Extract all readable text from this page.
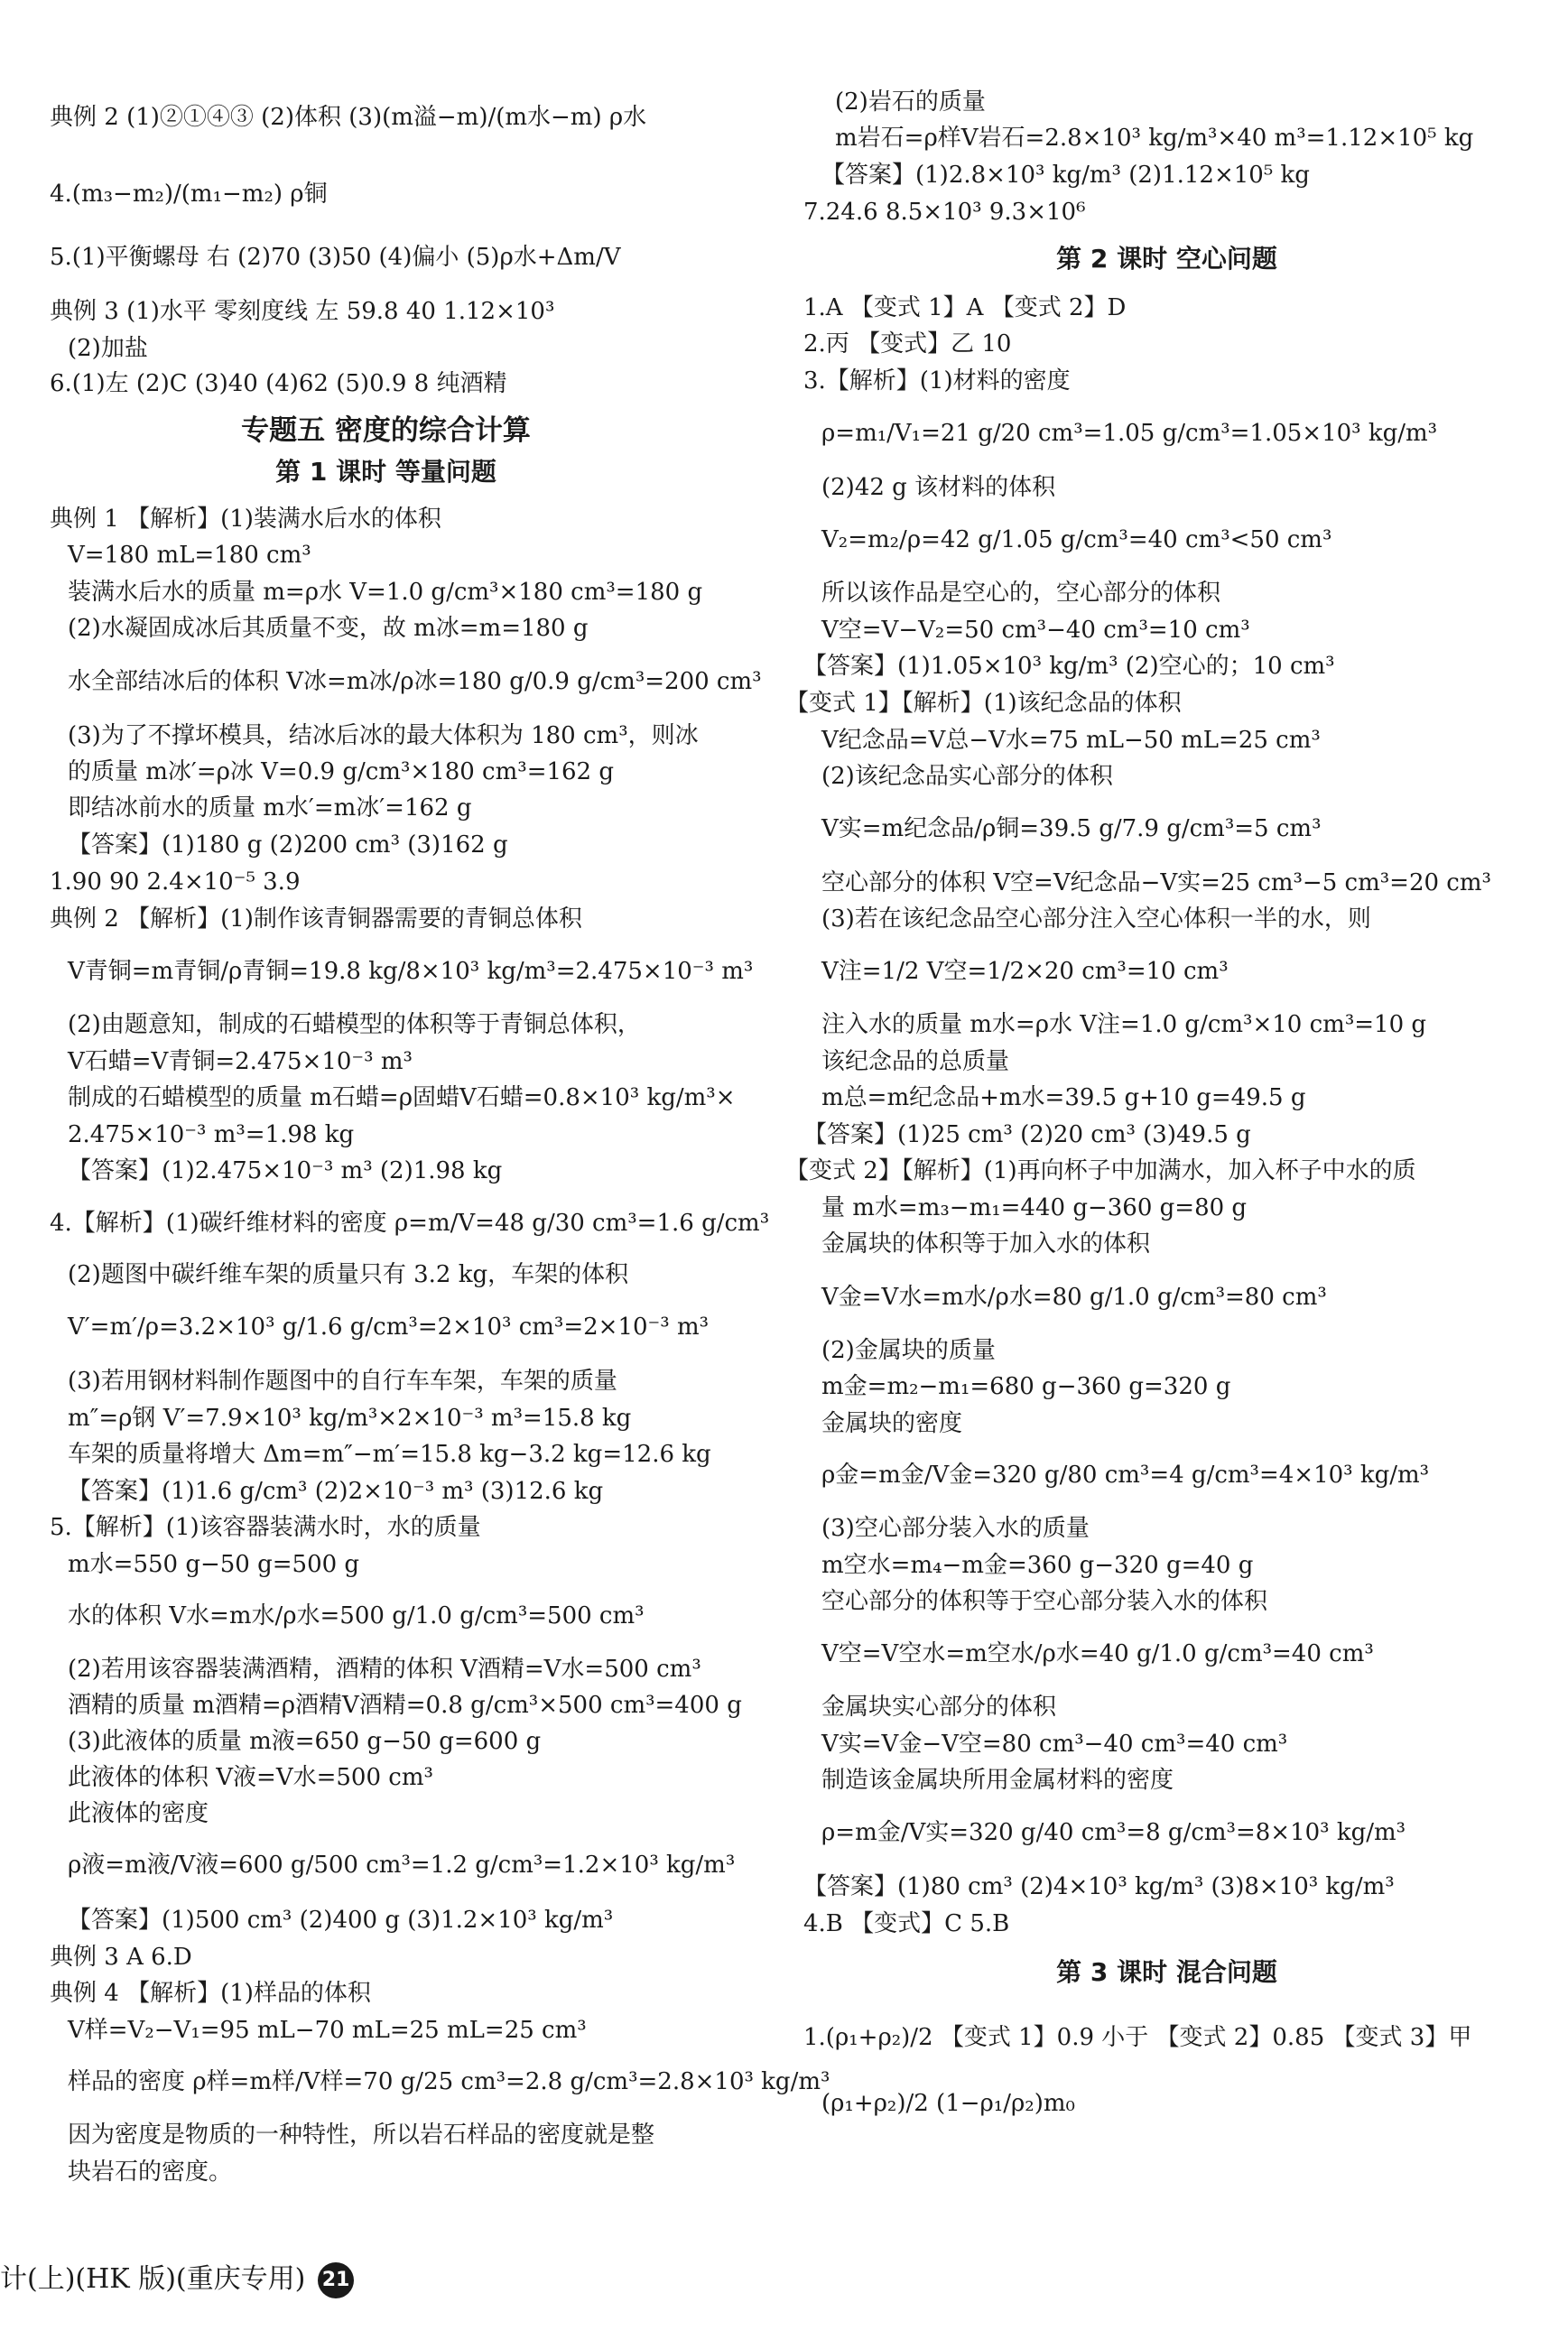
典例 2 (1)②①④③ (2)体积 (3)(m溢−m)/(m水−m) ρ水
4.(m₃−m₂)/(m₁−m₂) ρ铜
5.(1)平衡螺母 右 (2)70 (3)50 (4)偏小 (5)ρ水+Δm/V
典例 3 (1)水平 零刻度线 左 59.8 40 1.12×10³
(2)加盐
6.(1)左 (2)C (3)40 (4)62 (5)0.9 8 纯酒精
专题五 密度的综合计算
第 1 课时 等量问题
典例 1 【解析】(1)装满水后水的体积
V=180 mL=180 cm³
装满水后水的质量 m=ρ水 V=1.0 g/cm³×180 cm³=180 g
(2)水凝固成冰后其质量不变，故 m冰=m=180 g
水全部结冰后的体积 V冰=m冰/ρ冰=180 g/0.9 g/cm³=200 cm³
(3)为了不撑坏模具，结冰后冰的最大体积为 180 cm³，则冰
的质量 m冰′=ρ冰 V=0.9 g/cm³×180 cm³=162 g
即结冰前水的质量 m水′=m冰′=162 g
【答案】(1)180 g (2)200 cm³ (3)162 g
1.90 90 2.4×10⁻⁵ 3.9
典例 2 【解析】(1)制作该青铜器需要的青铜总体积
V青铜=m青铜/ρ青铜=19.8 kg/8×10³ kg/m³=2.475×10⁻³ m³
(2)由题意知，制成的石蜡模型的体积等于青铜总体积，
V石蜡=V青铜=2.475×10⁻³ m³
制成的石蜡模型的质量 m石蜡=ρ固蜡V石蜡=0.8×10³ kg/m³×
2.475×10⁻³ m³=1.98 kg
【答案】(1)2.475×10⁻³ m³ (2)1.98 kg
4.【解析】(1)碳纤维材料的密度 ρ=m/V=48 g/30 cm³=1.6 g/cm³
(2)题图中碳纤维车架的质量只有 3.2 kg，车架的体积
V′=m′/ρ=3.2×10³ g/1.6 g/cm³=2×10³ cm³=2×10⁻³ m³
(3)若用钢材料制作题图中的自行车车架，车架的质量
m″=ρ钢 V′=7.9×10³ kg/m³×2×10⁻³ m³=15.8 kg
车架的质量将增大 Δm=m″−m′=15.8 kg−3.2 kg=12.6 kg
【答案】(1)1.6 g/cm³ (2)2×10⁻³ m³ (3)12.6 kg
5.【解析】(1)该容器装满水时，水的质量
m水=550 g−50 g=500 g
水的体积 V水=m水/ρ水=500 g/1.0 g/cm³=500 cm³
(2)若用该容器装满酒精，酒精的体积 V酒精=V水=500 cm³
酒精的质量 m酒精=ρ酒精V酒精=0.8 g/cm³×500 cm³=400 g
(3)此液体的质量 m液=650 g−50 g=600 g
此液体的体积 V液=V水=500 cm³
此液体的密度
ρ液=m液/V液=600 g/500 cm³=1.2 g/cm³=1.2×10³ kg/m³
【答案】(1)500 cm³ (2)400 g (3)1.2×10³ kg/m³
典例 3 A 6.D
典例 4 【解析】(1)样品的体积
V样=V₂−V₁=95 mL−70 mL=25 mL=25 cm³
样品的密度 ρ样=m样/V样=70 g/25 cm³=2.8 g/cm³=2.8×10³ kg/m³
因为密度是物质的一种特性，所以岩石样品的密度就是整
块岩石的密度。
(2)岩石的质量
m岩石=ρ样V岩石=2.8×10³ kg/m³×40 m³=1.12×10⁵ kg
【答案】(1)2.8×10³ kg/m³ (2)1.12×10⁵ kg
7.24.6 8.5×10³ 9.3×10⁶
第 2 课时 空心问题
1.A 【变式 1】A 【变式 2】D
2.丙 【变式】乙 10
3.【解析】(1)材料的密度
ρ=m₁/V₁=21 g/20 cm³=1.05 g/cm³=1.05×10³ kg/m³
(2)42 g 该材料的体积
V₂=m₂/ρ=42 g/1.05 g/cm³=40 cm³<50 cm³
所以该作品是空心的，空心部分的体积
V空=V−V₂=50 cm³−40 cm³=10 cm³
【答案】(1)1.05×10³ kg/m³ (2)空心的；10 cm³
【变式 1】【解析】(1)该纪念品的体积
V纪念品=V总−V水=75 mL−50 mL=25 cm³
(2)该纪念品实心部分的体积
V实=m纪念品/ρ铜=39.5 g/7.9 g/cm³=5 cm³
空心部分的体积 V空=V纪念品−V实=25 cm³−5 cm³=20 cm³
(3)若在该纪念品空心部分注入空心体积一半的水，则
V注=1/2 V空=1/2×20 cm³=10 cm³
注入水的质量 m水=ρ水 V注=1.0 g/cm³×10 cm³=10 g
该纪念品的总质量
m总=m纪念品+m水=39.5 g+10 g=49.5 g
【答案】(1)25 cm³ (2)20 cm³ (3)49.5 g
【变式 2】【解析】(1)再向杯子中加满水，加入杯子中水的质
量 m水=m₃−m₁=440 g−360 g=80 g
金属块的体积等于加入水的体积
V金=V水=m水/ρ水=80 g/1.0 g/cm³=80 cm³
(2)金属块的质量
m金=m₂−m₁=680 g−360 g=320 g
金属块的密度
ρ金=m金/V金=320 g/80 cm³=4 g/cm³=4×10³ kg/m³
(3)空心部分装入水的质量
m空水=m₄−m金=360 g−320 g=40 g
空心部分的体积等于空心部分装入水的体积
V空=V空水=m空水/ρ水=40 g/1.0 g/cm³=40 cm³
金属块实心部分的体积
V实=V金−V空=80 cm³−40 cm³=40 cm³
制造该金属块所用金属材料的密度
ρ=m金/V实=320 g/40 cm³=8 g/cm³=8×10³ kg/m³
【答案】(1)80 cm³ (2)4×10³ kg/m³ (3)8×10³ kg/m³
4.B 【变式】C 5.B
第 3 课时 混合问题
1.(ρ₁+ρ₂)/2 【变式 1】0.9 小于 【变式 2】0.85 【变式 3】甲
(ρ₁+ρ₂)/2 (1−ρ₁/ρ₂)m₀
计(上)(HK 版)(重庆专用) 21
